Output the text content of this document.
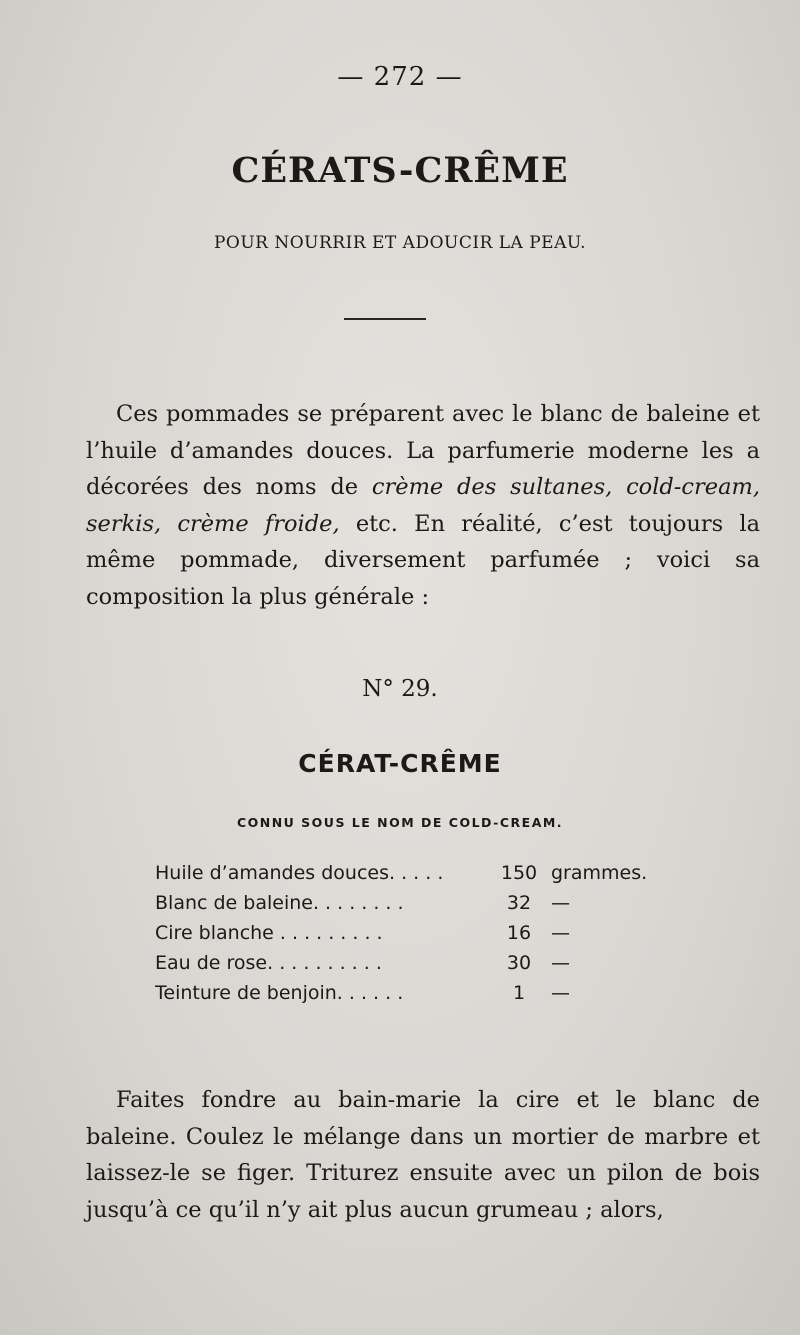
— 272 —
CÉRATS-CRÊME
POUR NOURRIR ET ADOUCIR LA PEAU.
Ces pommades se préparent avec le blanc de baleine et l’huile d’amandes douces. La parfumerie moderne les a décorées des noms de crème des sultanes, cold-cream, serkis, crème froide, etc. En réalité, c’est toujours la même pommade, diversement parfumée ; voici sa composition la plus générale :
N° 29.
CÉRAT-CRÊME
CONNU SOUS LE NOM DE COLD-CREAM.
Huile d’amandes douces. . . . .	150 grammes.
Blanc de baleine. . . . . . . .	32	—
Cire blanche . . . . . . . . .	16	—
Eau de rose. . . . . . . . . .	30	—
Teinture de benjoin. . . . . .	1	—
Faites fondre au bain-marie la cire et le blanc de baleine. Coulez le mélange dans un mortier de marbre et laissez-le se figer. Triturez ensuite avec un pilon de bois jusqu’à ce qu’il n’y ait plus aucun grumeau ; alors,
